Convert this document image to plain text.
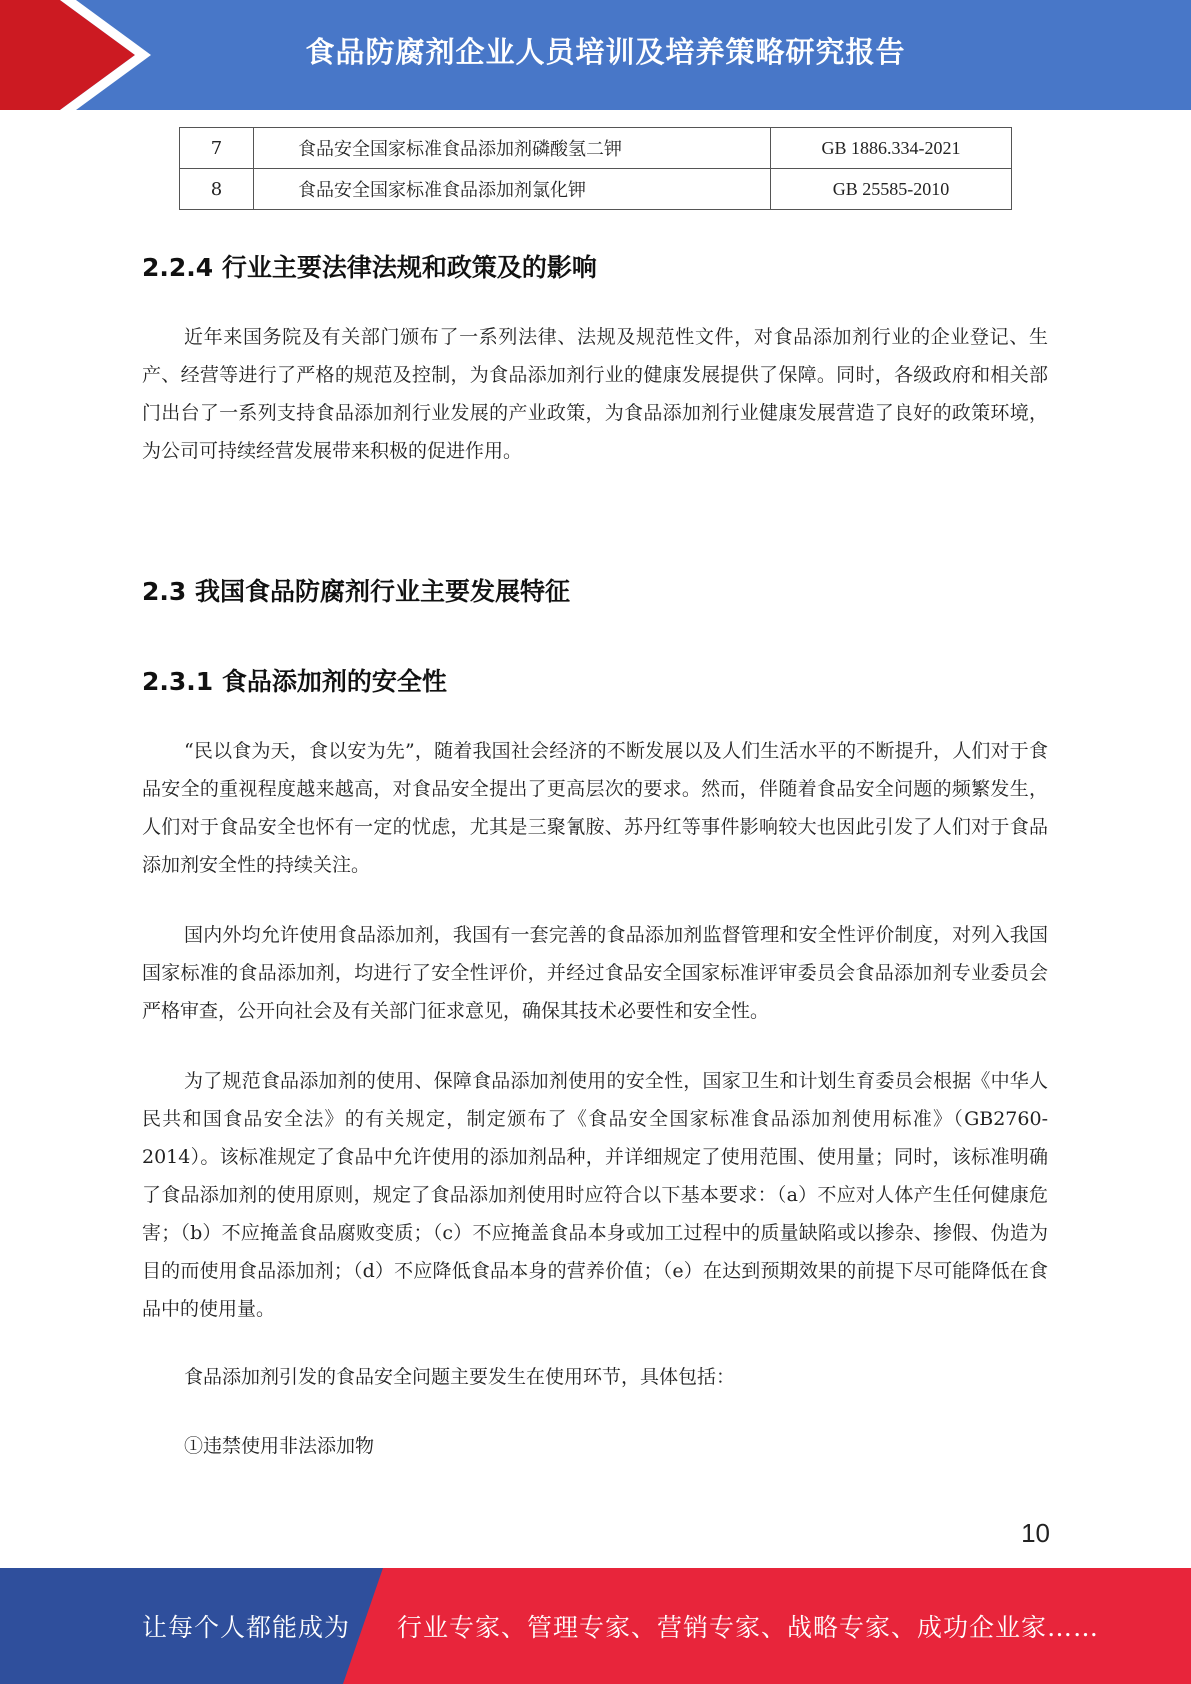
食品防腐剂企业人员培训及培养策略研究报告
7	食品安全国家标准食品添加剂磷酸氢二钾	GB 1886.334-2021
8	食品安全国家标准食品添加剂氯化钾	GB 25585-2010
2.2.4 行业主要法律法规和政策及的影响

近年来国务院及有关部门颁布了一系列法律、法规及规范性文件，对食品添加剂行业的企业登记、生产、经营等进行了严格的规范及控制，为食品添加剂行业的健康发展提供了保障。同时，各级政府和相关部门出台了一系列支持食品添加剂行业发展的产业政策，为食品添加剂行业健康发展营造了良好的政策环境，为公司可持续经营发展带来积极的促进作用。

2.3 我国食品防腐剂行业主要发展特征
2.3.1 食品添加剂的安全性

“民以食为天，食以安为先”，随着我国社会经济的不断发展以及人们生活水平的不断提升，人们对于食品安全的重视程度越来越高，对食品安全提出了更高层次的要求。然而，伴随着食品安全问题的频繁发生，人们对于食品安全也怀有一定的忧虑，尤其是三聚氰胺、苏丹红等事件影响较大也因此引发了人们对于食品添加剂安全性的持续关注。

国内外均允许使用食品添加剂，我国有一套完善的食品添加剂监督管理和安全性评价制度，对列入我国国家标准的食品添加剂，均进行了安全性评价，并经过食品安全国家标准评审委员会食品添加剂专业委员会严格审查，公开向社会及有关部门征求意见，确保其技术必要性和安全性。

为了规范食品添加剂的使用、保障食品添加剂使用的安全性，国家卫生和计划生育委员会根据《中华人民共和国食品安全法》的有关规定，制定颁布了《食品安全国家标准食品添加剂使用标准》（GB2760-2014）。该标准规定了食品中允许使用的添加剂品种，并详细规定了使用范围、使用量；同时，该标准明确了食品添加剂的使用原则，规定了食品添加剂使用时应符合以下基本要求：（a）不应对人体产生任何健康危害；（b）不应掩盖食品腐败变质；（c）不应掩盖食品本身或加工过程中的质量缺陷或以掺杂、掺假、伪造为目的而使用食品添加剂；（d）不应降低食品本身的营养价值；（e）在达到预期效果的前提下尽可能降低在食品中的使用量。

食品添加剂引发的食品安全问题主要发生在使用环节，具体包括：

①违禁使用非法添加物

10
让每个人都能成为 行业专家、管理专家、营销专家、战略专家、成功企业家……
